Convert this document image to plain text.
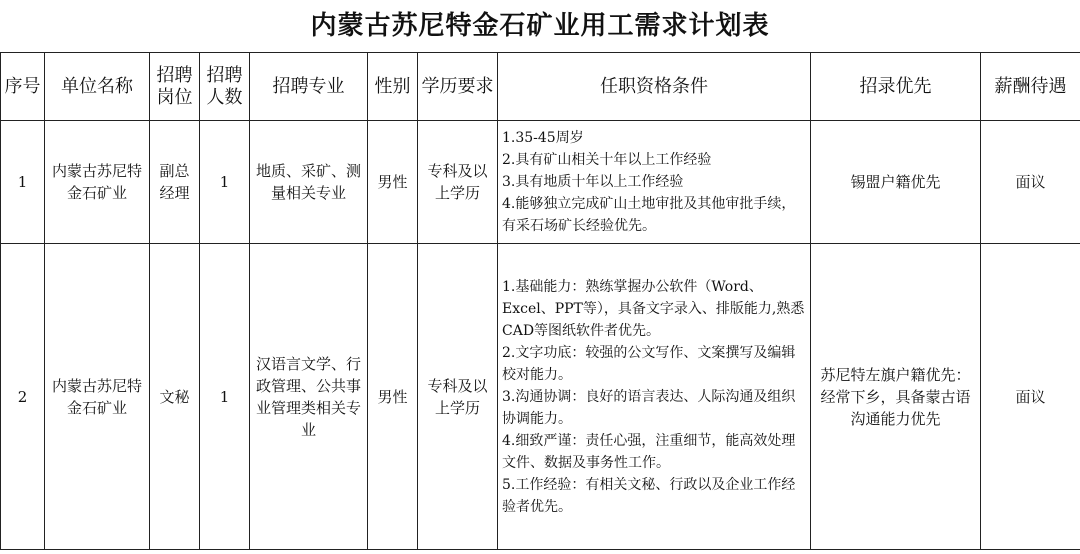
内蒙古苏尼特金石矿业用工需求计划表
序号	单位名称	招聘岗位	招聘人数	招聘专业	性别	学历要求	任职资格条件	招录优先	薪酬待遇
1	内蒙古苏尼特金石矿业	副总经理	1	地质、采矿、测量相关专业	男性	专科及以上学历	1.35-45周岁
2.具有矿山相关十年以上工作经验
3.具有地质十年以上工作经验
4.能够独立完成矿山土地审批及其他审批手续，有采石场矿长经验优先。	锡盟户籍优先	面议
2	内蒙古苏尼特金石矿业	文秘	1	汉语言文学、行政管理、公共事业管理类相关专业	男性	专科及以上学历	1.基础能力：熟练掌握办公软件（Word、Excel、PPT等），具备文字录入、排版能力,熟悉CAD等图纸软件者优先。
2.文字功底：较强的公文写作、文案撰写及编辑校对能力。
3.沟通协调：良好的语言表达、人际沟通及组织协调能力。
4.细致严谨：责任心强，注重细节，能高效处理文件、数据及事务性工作。
5.工作经验：有相关文秘、行政以及企业工作经验者优先。	苏尼特左旗户籍优先：经常下乡，具备蒙古语沟通能力优先	面议
